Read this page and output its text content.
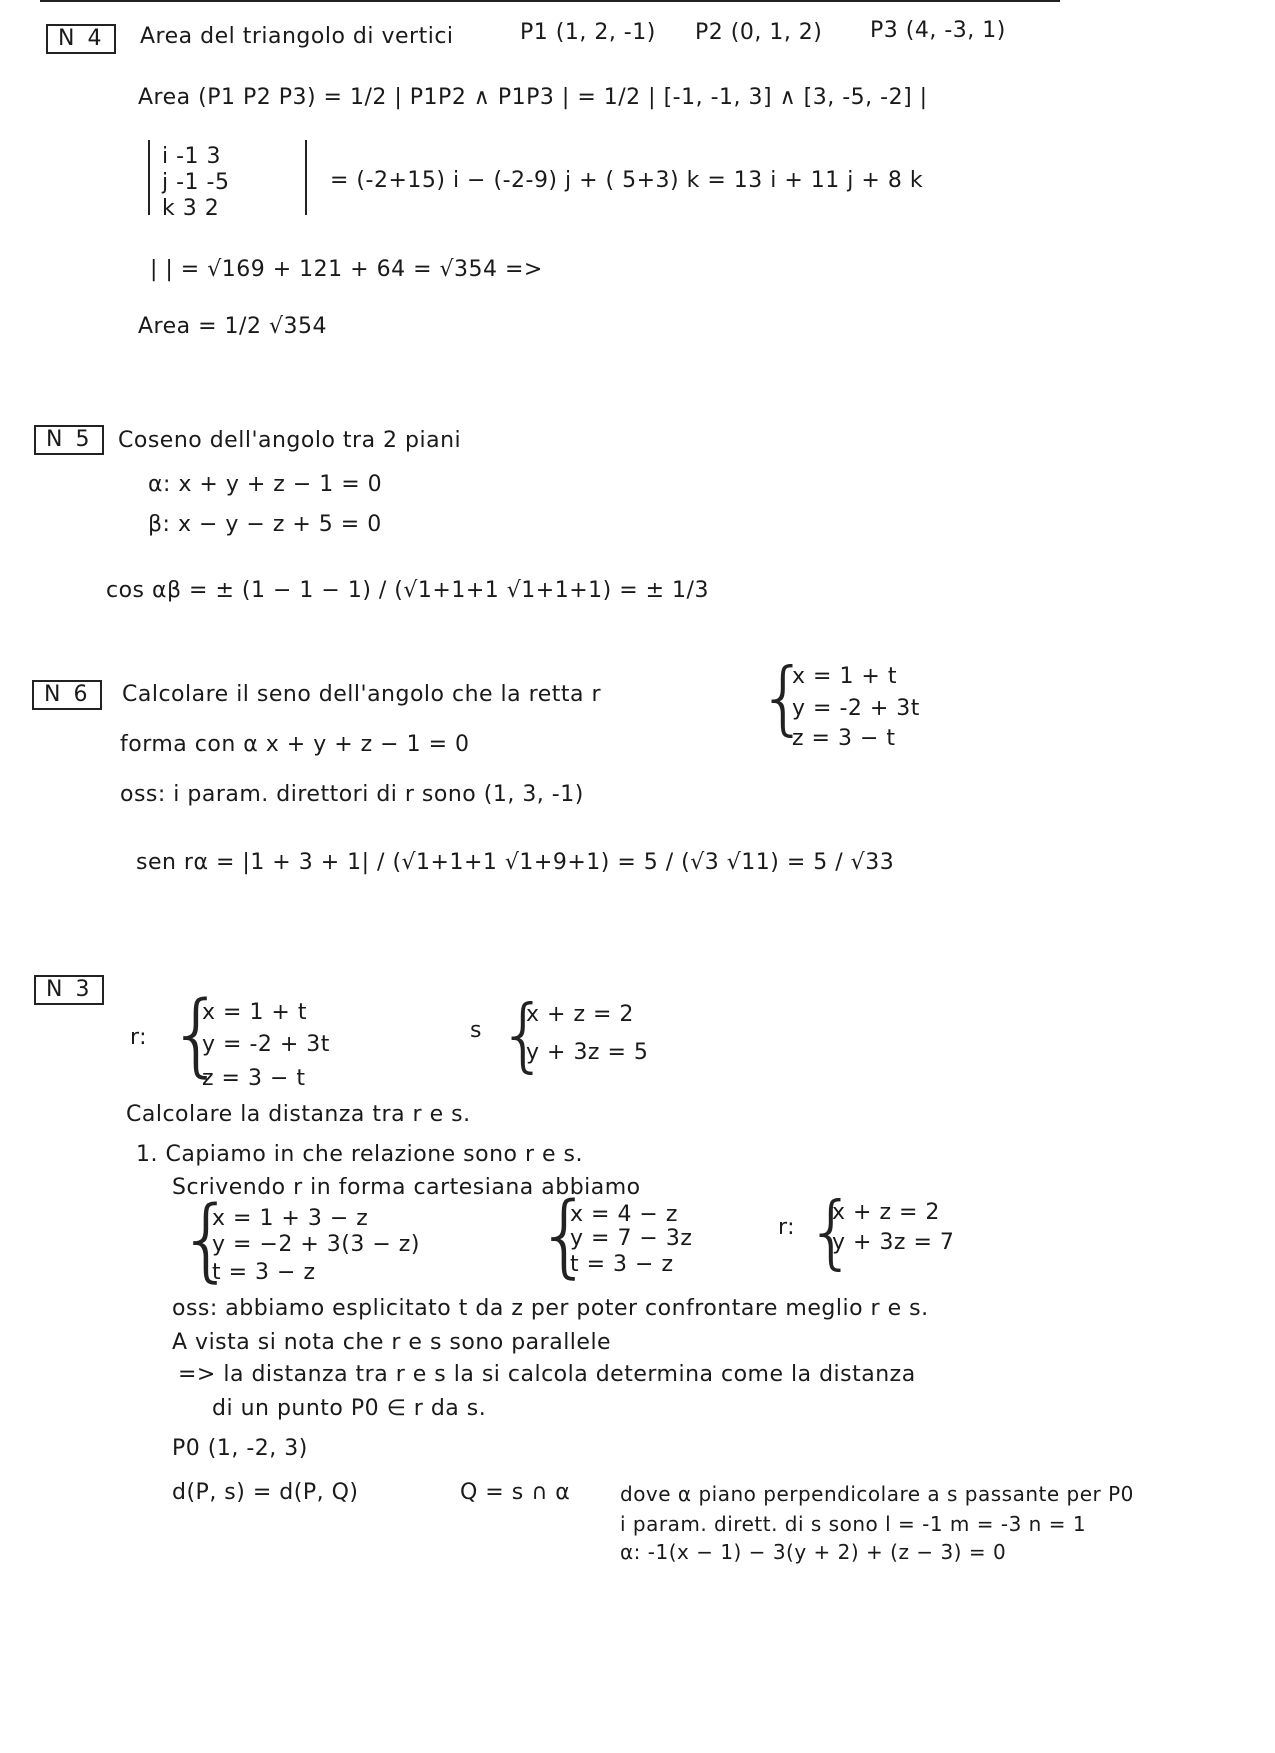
N 4	Area del triangolo di vertici	P1 (1, 2, -1) P2 (0, 1, 2) P3 (4, -3, 1)
Area (P1 P2 P3) = 1/2 | P1P2 ∧ P1P3 | = 1/2 | [-1, -1, 3] ∧ [3, -5, -2] |
i -1 3
j -1 -5
k 3 2
= (-2+15) i − (-2-9) j + ( 5+3) k = 13 i + 11 j + 8 k
| | = √169 + 121 + 64 = √354 =>
Area = 1/2 √354
N 5	Coseno dell'angolo tra 2 piani
α: x + y + z − 1 = 0
β: x − y − z + 5 = 0
cos αβ = ± (1 − 1 − 1) / (√1+1+1 √1+1+1) = ± 1/3
N 6	Calcolare il seno dell'angolo che la retta r {
x = 1 + t
y = -2 + 3t
z = 3 − t
forma con α x + y + z − 1 = 0
oss: i param. direttori di r sono (1, 3, -1)
sen rα = |1 + 3 + 1| / (√1+1+1 √1+9+1) = 5 / (√3 √11) = 5 / √33
N 3
r: {
x = 1 + t
y = -2 + 3t
z = 3 − t
s {
x + z = 2
y + 3z = 5
Calcolare la distanza tra r e s.
1. Capiamo in che relazione sono r e s.
Scrivendo r in forma cartesiana abbiamo
{
x = 1 + 3 − z
y = −2 + 3(3 − z)
t = 3 − z {
x = 4 − z
y = 7 − 3z
t = 3 − z
r: {
x + z = 2
y + 3z = 7
oss: abbiamo esplicitato t da z per poter confrontare meglio r e s.
A vista si nota che r e s sono parallele
=> la distanza tra r e s la si calcola determina come la distanza
di un punto P0 ∈ r da s.
P0 (1, -2, 3)
d(P, s) = d(P, Q)	Q = s ∩ α dove α piano perpendicolare a s passante per P0
i param. dirett. di s sono l = -1 m = -3 n = 1
α: -1(x − 1) − 3(y + 2) + (z − 3) = 0
